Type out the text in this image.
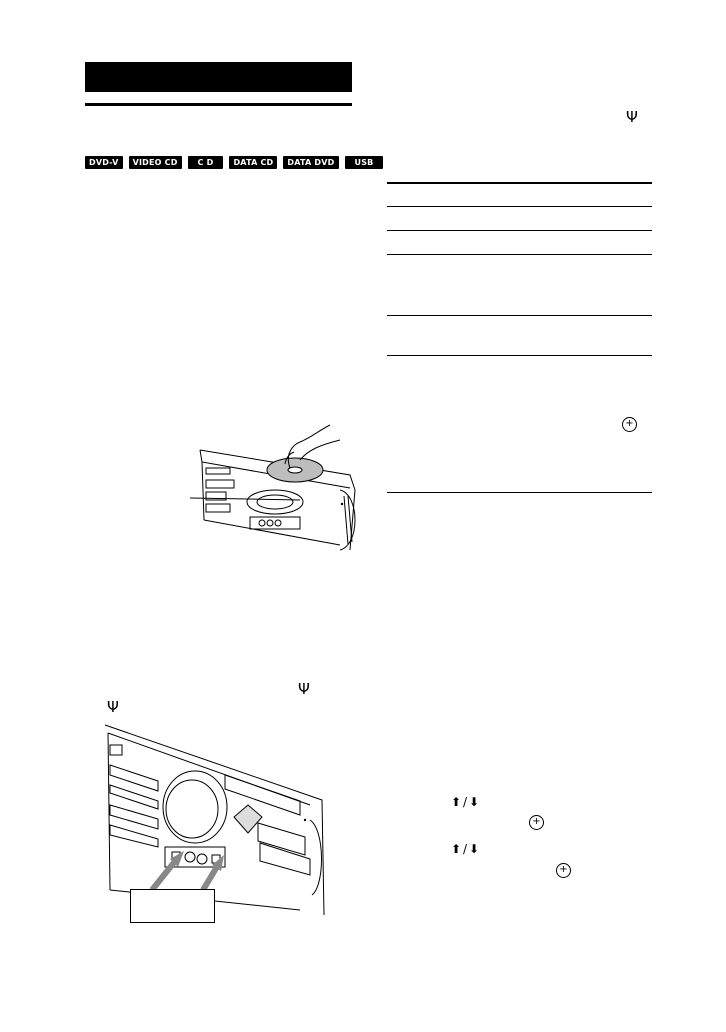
DVD-V	VIDEO CD	C D	DATA CD	DATA DVD	USB
Ψ
+
Ψ
Ψ
⬆ / ⬇
+
⬆ / ⬇
+
